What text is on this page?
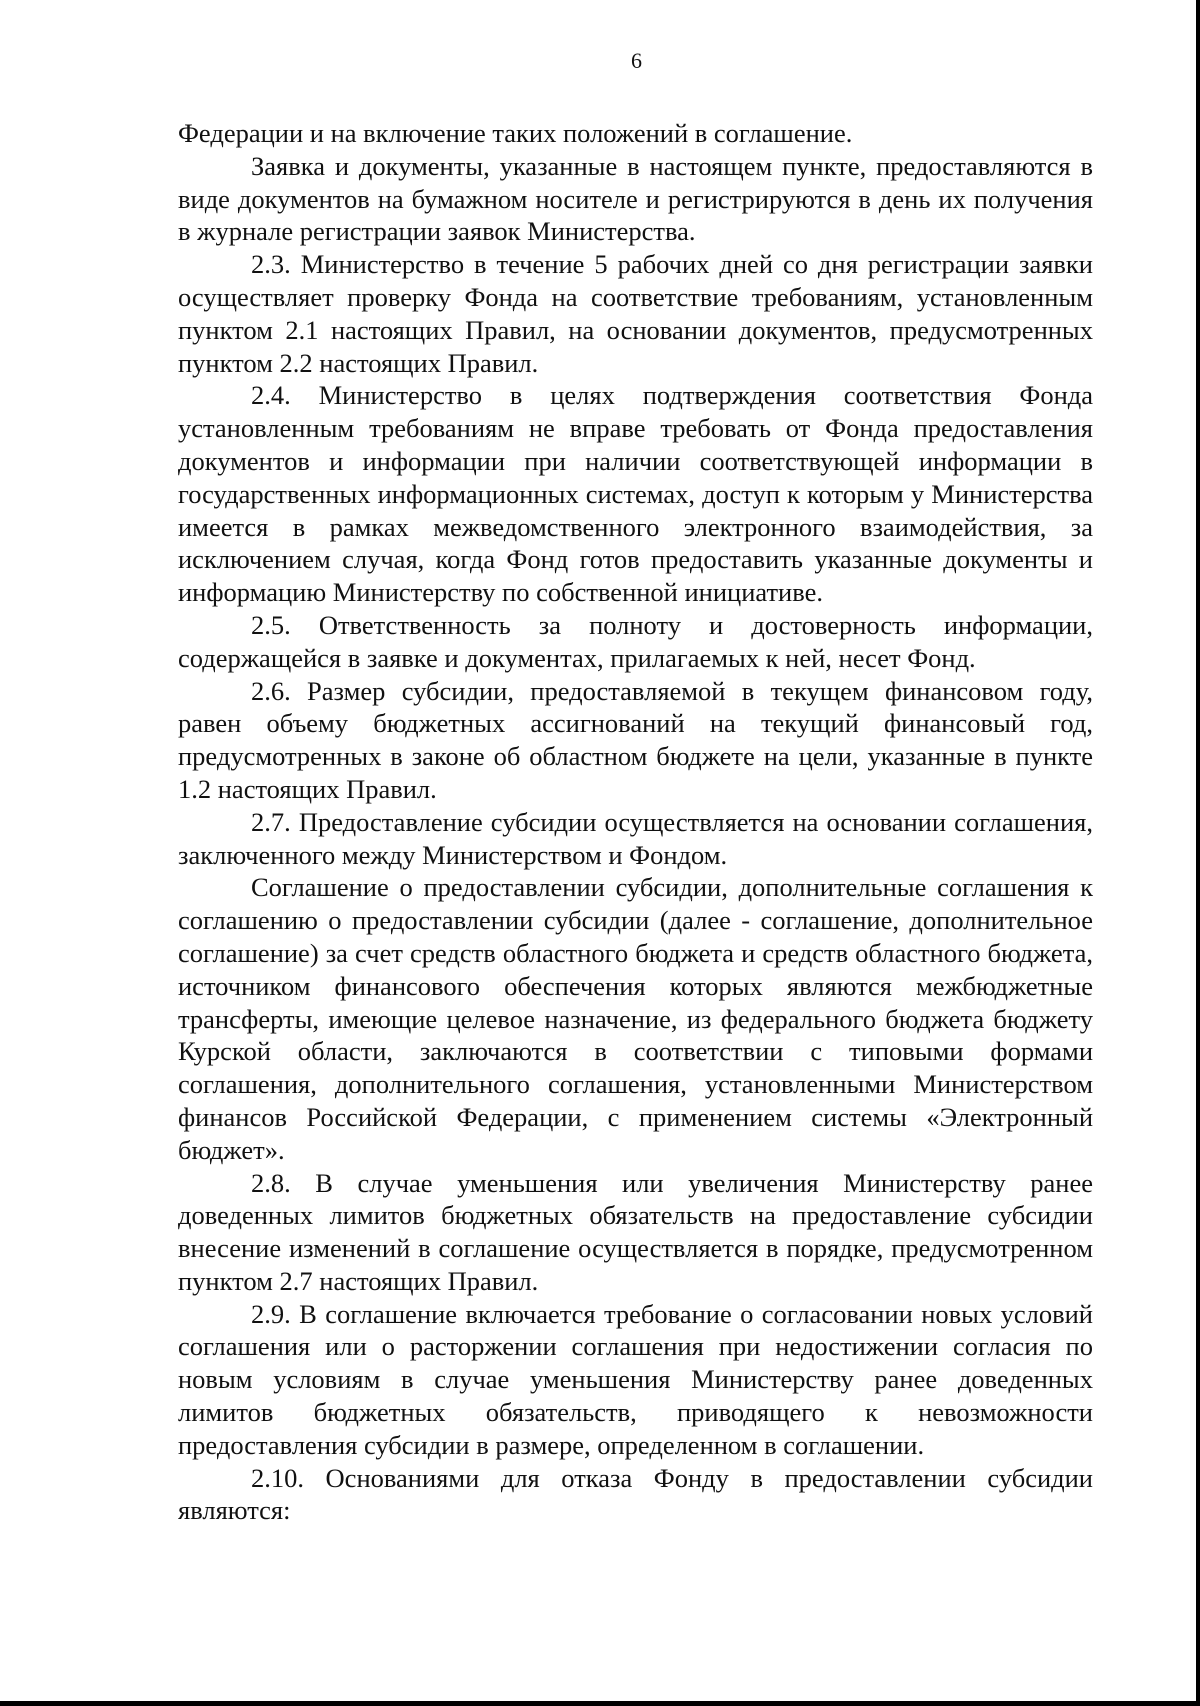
6

Федерации и на включение таких положений в соглашение.

Заявка и документы, указанные в настоящем пункте, предоставляются в виде документов на бумажном носителе и регистрируются в день их получения в журнале регистрации заявок Министерства.

2.3. Министерство в течение 5 рабочих дней со дня регистрации заявки осуществляет проверку Фонда на соответствие требованиям, установленным пунктом 2.1 настоящих Правил, на основании документов, предусмотренных пунктом 2.2 настоящих Правил.

2.4. Министерство в целях подтверждения соответствия Фонда установленным требованиям не вправе требовать от Фонда предоставления документов и информации при наличии соответствующей информации в государственных информационных системах, доступ к которым у Министерства имеется в рамках межведомственного электронного взаимодействия, за исключением случая, когда Фонд готов предоставить указанные документы и информацию Министерству по собственной инициативе.

2.5. Ответственность за полноту и достоверность информации, содержащейся в заявке и документах, прилагаемых к ней, несет Фонд.

2.6. Размер субсидии, предоставляемой в текущем финансовом году, равен объему бюджетных ассигнований на текущий финансовый год, предусмотренных в законе об областном бюджете на цели, указанные в пункте 1.2 настоящих Правил.

2.7. Предоставление субсидии осуществляется на основании соглашения, заключенного между Министерством и Фондом.

Соглашение о предоставлении субсидии, дополнительные соглашения к соглашению о предоставлении субсидии (далее - соглашение, дополнительное соглашение) за счет средств областного бюджета и средств областного бюджета, источником финансового обеспечения которых являются межбюджетные трансферты, имеющие целевое назначение, из федерального бюджета бюджету Курской области, заключаются в соответствии с типовыми формами соглашения, дополнительного соглашения, установленными Министерством финансов Российской Федерации, с применением системы «Электронный бюджет».

2.8. В случае уменьшения или увеличения Министерству ранее доведенных лимитов бюджетных обязательств на предоставление субсидии внесение изменений в соглашение осуществляется в порядке, предусмотренном пунктом 2.7 настоящих Правил.

2.9. В соглашение включается требование о согласовании новых условий соглашения или о расторжении соглашения при недостижении согласия по новым условиям в случае уменьшения Министерству ранее доведенных лимитов бюджетных обязательств, приводящего к невозможности предоставления субсидии в размере, определенном в соглашении.

2.10. Основаниями для отказа Фонду в предоставлении субсидии являются:
